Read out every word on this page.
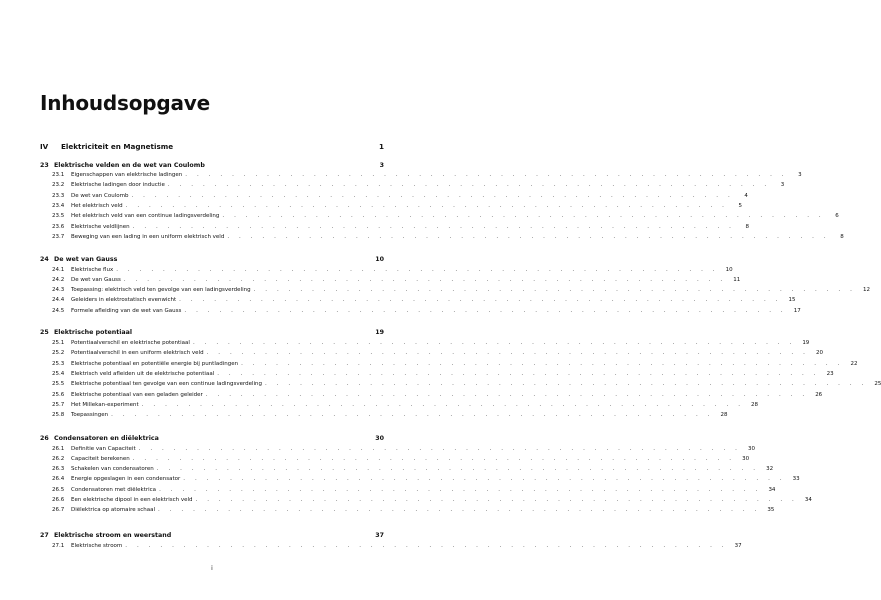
Inhoudsopgave
IV	Elektriciteit en Magnetisme	1
23 Elektrische velden en de wet van Coulomb	3
23.1	Eigenschappen van elektrische ladingen . . . . . . . . . . . . . . . . . . . . . . . . . . . . . . . . . . . . . . . . . . . . . . . . . . . .	3
23.2	Elektrische ladingen door inductie . . . . . . . . . . . . . . . . . . . . . . . . . . . . . . . . . . . . . . . . . . . . . . . . . . . .	3
23.3	De wet van Coulomb . . . . . . . . . . . . . . . . . . . . . . . . . . . . . . . . . . . . . . . . . . . . . . . . . . . .	4
23.4	Het elektrisch veld . . . . . . . . . . . . . . . . . . . . . . . . . . . . . . . . . . . . . . . . . . . . . . . . . . . .	5
23.5	Het elektrisch veld van een continue ladingsverdeling . . . . . . . . . . . . . . . . . . . . . . . . . . . . . . . . . . . . . . . . . . . . . . . . . . . .	6
23.6	Elektrische veldlijnen . . . . . . . . . . . . . . . . . . . . . . . . . . . . . . . . . . . . . . . . . . . . . . . . . . . .	8
23.7	Beweging van een lading in een uniform elektrisch veld . . . . . . . . . . . . . . . . . . . . . . . . . . . . . . . . . . . . . . . . . . . . . . . . . . . .	8
24 De wet van Gauss	10
24.1	Elektrische flux . . . . . . . . . . . . . . . . . . . . . . . . . . . . . . . . . . . . . . . . . . . . . . . . . . . .	10
24.2	De wet van Gauss . . . . . . . . . . . . . . . . . . . . . . . . . . . . . . . . . . . . . . . . . . . . . . . . . . . .	11
24.3	Toepassing: elektrisch veld ten gevolge van een ladingsverdeling . . . . . . . . . . . . . . . . . . . . . . . . . . . . . . . . . . . . . . . . . . . . . . . . . . . .	12
24.4	Geleiders in elektrostatisch evenwicht . . . . . . . . . . . . . . . . . . . . . . . . . . . . . . . . . . . . . . . . . . . . . . . . . . . .	15
24.5	Formele afleiding van de wet van Gauss . . . . . . . . . . . . . . . . . . . . . . . . . . . . . . . . . . . . . . . . . . . . . . . . . . . .	17
25 Elektrische potentiaal	19
25.1	Potentiaalverschil en elektrische potentiaal . . . . . . . . . . . . . . . . . . . . . . . . . . . . . . . . . . . . . . . . . . . . . . . . . . . .	19
25.2	Potentiaalverschil in een uniform elektrisch veld . . . . . . . . . . . . . . . . . . . . . . . . . . . . . . . . . . . . . . . . . . . . . . . . . . . .	20
25.3	Elektrische potentiaal en potentiële energie bij puntladingen . . . . . . . . . . . . . . . . . . . . . . . . . . . . . . . . . . . . . . . . . . . . . . . . . . . .	22
25.4	Elektrisch veld afleiden uit de elektrische potentiaal . . . . . . . . . . . . . . . . . . . . . . . . . . . . . . . . . . . . . . . . . . . . . . . . . . . .	23
25.5	Elektrische potentiaal ten gevolge van een continue ladingsverdeling . . . . . . . . . . . . . . . . . . . . . . . . . . . . . . . . . . . . . . . . . . . . . . . . . . . .	25
25.6	Elektrische potentiaal van een geladen geleider . . . . . . . . . . . . . . . . . . . . . . . . . . . . . . . . . . . . . . . . . . . . . . . . . . . .	26
25.7	Het Millekan-experiment . . . . . . . . . . . . . . . . . . . . . . . . . . . . . . . . . . . . . . . . . . . . . . . . . . . .	28
25.8	Toepassingen . . . . . . . . . . . . . . . . . . . . . . . . . . . . . . . . . . . . . . . . . . . . . . . . . . . .	28
26 Condensatoren en diëlektrica	30
26.1	Definitie van Capaciteit . . . . . . . . . . . . . . . . . . . . . . . . . . . . . . . . . . . . . . . . . . . . . . . . . . . .	30
26.2	Capaciteit berekenen . . . . . . . . . . . . . . . . . . . . . . . . . . . . . . . . . . . . . . . . . . . . . . . . . . . .	30
26.3	Schakelen van condensatoren . . . . . . . . . . . . . . . . . . . . . . . . . . . . . . . . . . . . . . . . . . . . . . . . . . . .	32
26.4	Energie opgeslagen in een condensator . . . . . . . . . . . . . . . . . . . . . . . . . . . . . . . . . . . . . . . . . . . . . . . . . . . .	33
26.5	Condensatoren met diëlektrica . . . . . . . . . . . . . . . . . . . . . . . . . . . . . . . . . . . . . . . . . . . . . . . . . . . .	34
26.6	Een elektrische dipool in een elektrisch veld . . . . . . . . . . . . . . . . . . . . . . . . . . . . . . . . . . . . . . . . . . . . . . . . . . . .	34
26.7	Diëlektrica op atomaire schaal . . . . . . . . . . . . . . . . . . . . . . . . . . . . . . . . . . . . . . . . . . . . . . . . . . . .	35
27 Elektrische stroom en weerstand	37
27.1	Elektrische stroom . . . . . . . . . . . . . . . . . . . . . . . . . . . . . . . . . . . . . . . . . . . . . . . . . . . .	37
i
